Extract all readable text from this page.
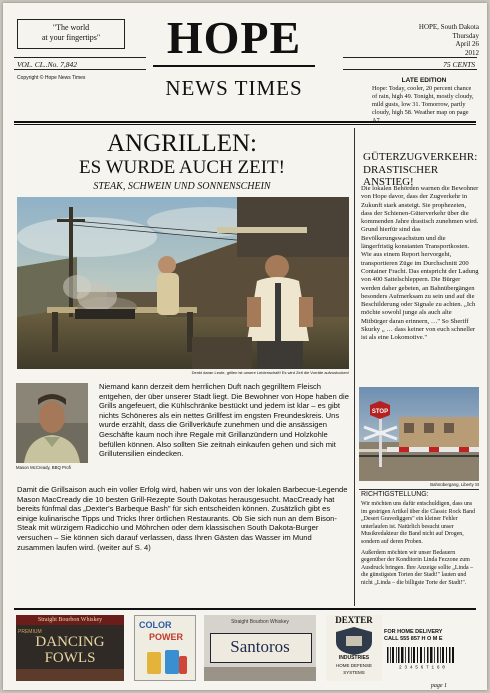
"The world
at your fingertips"	HOPE
NEWS TIMES
HOPE, South Dakota
Thursday
April 26
2012
VOL. CL..No. 7,842	75 CENTS
Copyright © Hope News Times	LATE EDITION
Hope: Today, cooler, 20 percent chance of rain, high 49. Tonight, mostly cloudy, mild gusts, low 31. Tomorrow, partly cloudy, high 58. Weather map on page
ANGRILLEN:
ES WURDE AUCH ZEIT!
STEAK, SCHWEIN UND SONNENSCHEIN
Denkt daran Leute, grillen ist unsere Leidenschaft! Es wird Zeit die Vorräte aufzustocken!
Mason McCready, BBQ Profi
Niemand kann derzeit dem herrlichen Duft nach gegrilltem Fleisch entgehen, der über unserer Stadt liegt. Die Bewohner von Hope haben die Grills angefeuert, die Kühlschränke bestückt und jedem ist klar – es gibt nichts Schöneres als ein nettes Grillfest im engsten Freundeskreis. Uns wurde erzählt, dass die Grillverkäufe zunehmen und die ansässigen Geschäfte kaum noch ihre Regale mit Grillanzündern und Holzkohle befüllen können. Also sollten Sie zeitnah einkaufen gehen und sich mit Grillutensilien eindecken.
Damit die Grillsaison auch ein voller Erfolg wird, haben wir uns von der lokalen Barbecue-Legende Mason MacCready die 10 besten Grill-Rezepte South Dakotas herausgesucht. MacCready hat bereits fünfmal das „Dexter's Barbeque Bash" für sich entscheiden können. Zusätzlich gibt es einige kulinarische Tipps und Tricks Ihrer örtlichen Restaurants. Ob Sie sich nun an dem Bison-Steak mit würzigem Radicchio und Möhrchen oder dem klassischen South Dakota-Burger versuchen – Sie können sich darauf verlassen, dass Ihren Gästen das Wasser im Mund zusammen laufen wird. (weiter auf S. 4)
GÜTERZUGVERKEHR:
DRASTISCHER ANSTIEG!
Die lokalen Behörden warnen die Bewohner von Hope davor, dass der Zugverkehr in Zukunft stark ansteigt. Sie prophezeien, dass der Schienen-Güterverkehr über die kommenden Jahre drastisch zunehmen wird. Grund hierfür sind das Bevölkerungswachstum und die längerfristig konstanten Transportkosten. Wie aus einem Report hervorgeht, transportieren Züge im Durchschnitt 200 Container Fracht. Das entspricht der Ladung von 400 Sattelschleppern. Die Bürger werden daher gebeten, an Bahnübergängen besonders Aufmerksam zu sein und auf die Beschilderung oder Signale zu achten. „Ich möchte sowohl junge als auch alte Mitbürger daran erinnern, …" So Sheriff Skurky „ … dass keiner von euch schneller ist als eine Lokomotive."
STOP
Bahnübergang, Liberty St
RICHTIGSTELLUNG:
Wir möchten uns dafür entschuldigen, dass uns im gestrigen Artikel über die Classic Rock Band „Desert Gravediggers" ein kleiner Fehler unterlaufen ist. Natürlich besucht unser Musikredakteur die Band nicht auf Drogen, sondern auf deren Proben.
Außerdem möchten wir unser Bedauern gegenüber der Konditorin Linda Fezzone zum Ausdruck bringen. Ihre Anzeige sollte „Linda – die günstigsten Torten der Stadt!" lauten und nicht „Linda – die billigste Torte der Stadt!".
Straight Bourbon Whiskey
PREMIUM
DANCING
FOWLS
COLOR
POWER
Straight Bourbon Whiskey
Santoros
DEXTER
INDUSTRIES
HOME DEFENSE
SYSTEMS
FOR HOME DELIVERY
CALL 555 857 H O M E
2 3 4 5 6 7 1 6 0
page 1
